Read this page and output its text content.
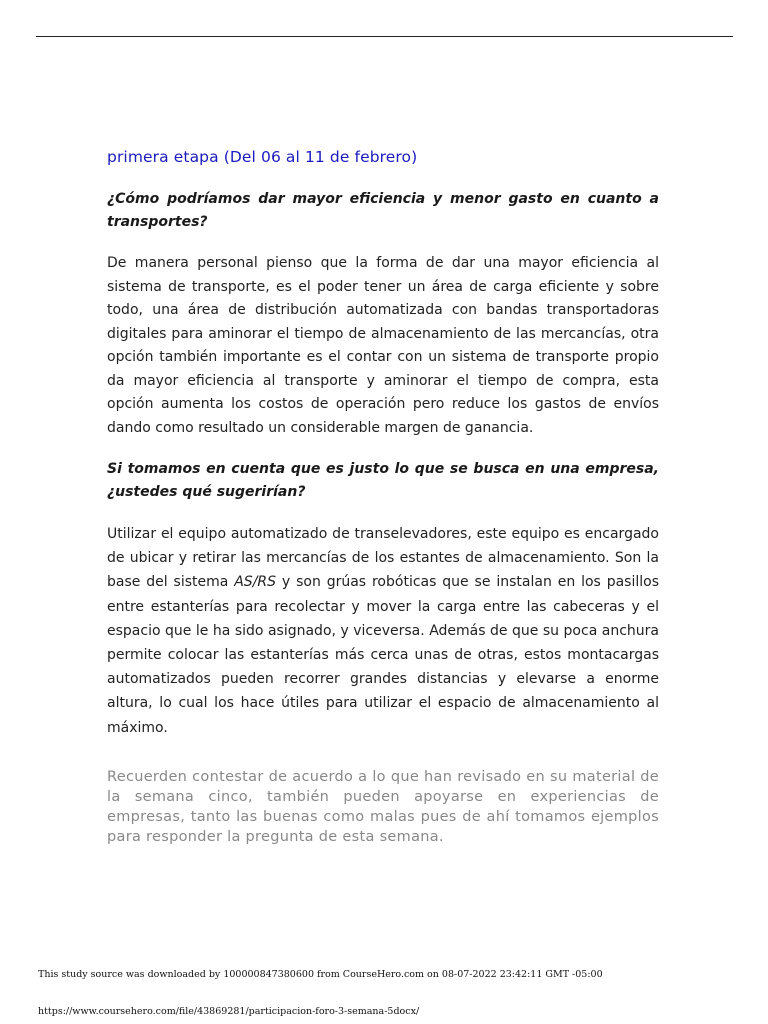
primera etapa (Del 06 al 11 de febrero)

¿Cómo podríamos dar mayor eficiencia y menor gasto en cuanto a transportes?

De manera personal pienso que la forma de dar una mayor eficiencia al sistema de transporte, es el poder tener un área de carga eficiente y sobre todo, una área de distribución automatizada con bandas transportadoras digitales para aminorar el tiempo de almacenamiento de las mercancías, otra opción también importante es el contar con un sistema de transporte propio da mayor eficiencia al transporte y aminorar el tiempo de compra, esta opción aumenta los costos de operación pero reduce los gastos de envíos dando como resultado un considerable margen de ganancia.

Si tomamos en cuenta que es justo lo que se busca en una empresa, ¿ustedes qué sugerirían?

Utilizar el equipo automatizado de transelevadores, este equipo es encargado de ubicar y retirar las mercancías de los estantes de almacenamiento. Son la base del sistema AS/RS y son grúas robóticas que se instalan en los pasillos entre estanterías para recolectar y mover la carga entre las cabeceras y el espacio que le ha sido asignado, y viceversa. Además de que su poca anchura permite colocar las estanterías más cerca unas de otras, estos montacargas automatizados pueden recorrer grandes distancias y elevarse a enorme altura, lo cual los hace útiles para utilizar el espacio de almacenamiento al máximo.

Recuerden contestar de acuerdo a lo que han revisado en su material de la semana cinco, también pueden apoyarse en experiencias de empresas, tanto las buenas como malas pues de ahí tomamos ejemplos para responder la pregunta de esta semana.

This study source was downloaded by 100000847380600 from CourseHero.com on 08-07-2022 23:42:11 GMT -05:00
https://www.coursehero.com/file/43869281/participacion-foro-3-semana-5docx/
